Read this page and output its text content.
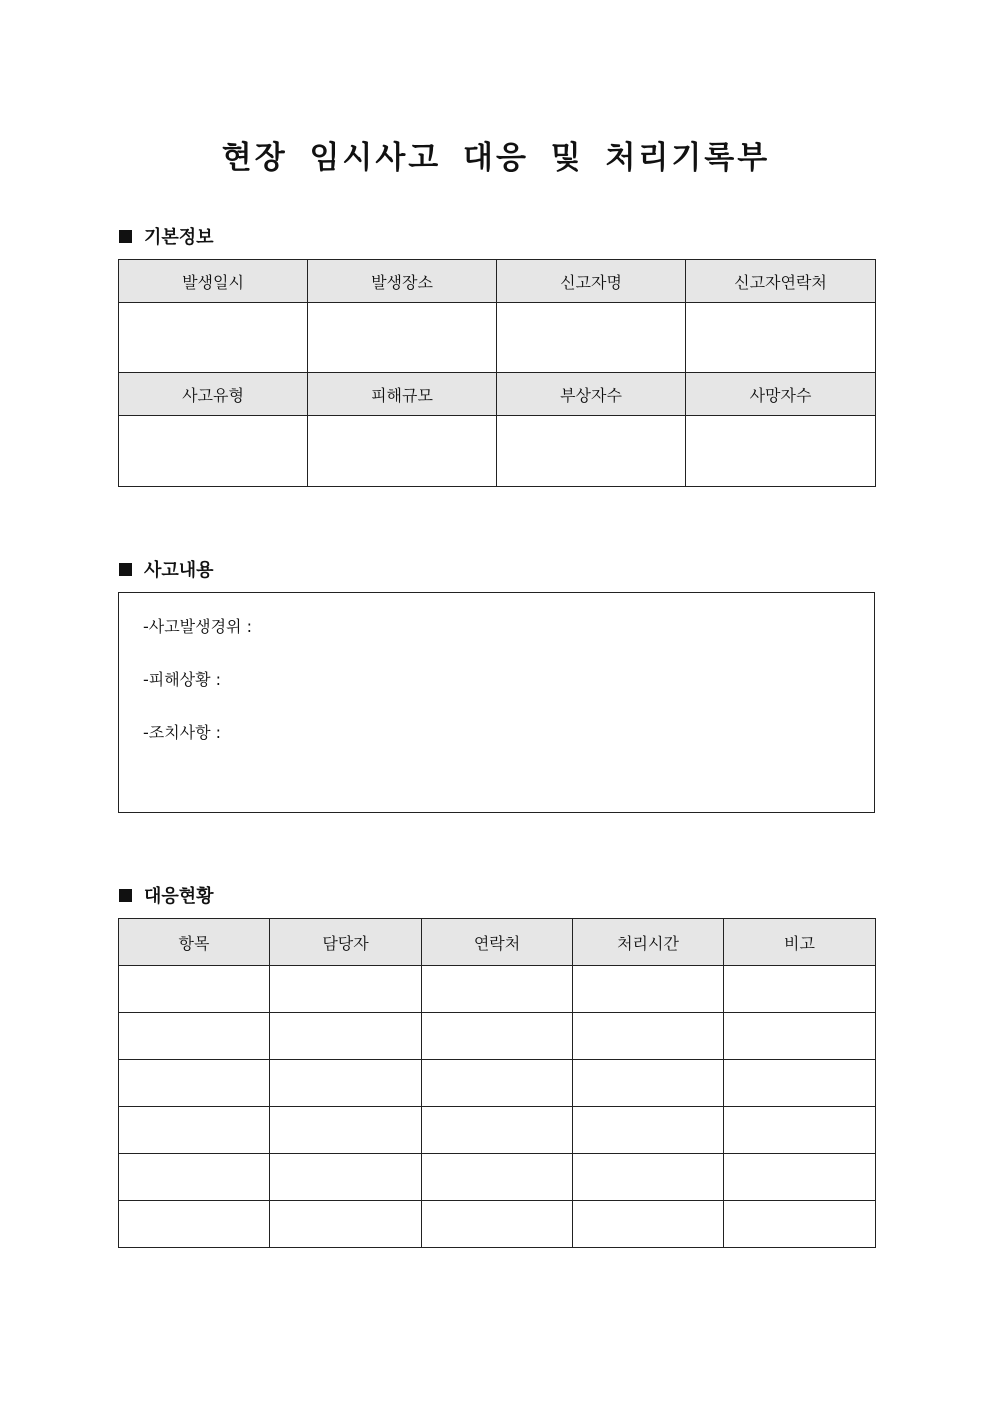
현장 임시사고 대응 및 처리기록부
기본정보
발생일시	발생장소	신고자명	신고자연락처

사고유형	피해규모	부상자수	사망자수

사고내용

-사고발생경위 :

-피해상황 :

-조치사항 :

대응현황
항목	담당자	연락처	처리시간	비고
